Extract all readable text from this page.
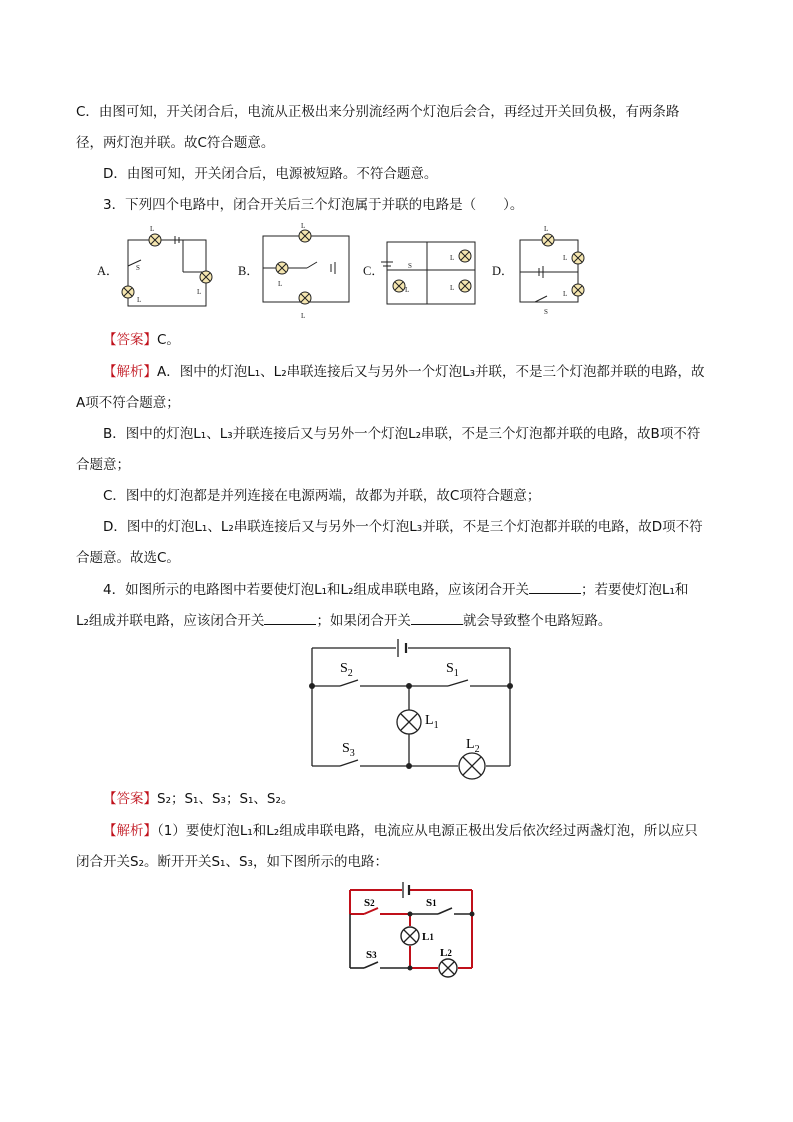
C．由图可知，开关闭合后，电流从正极出来分别流经两个灯泡后会合，再经过开关回负极，有两条路

径，两灯泡并联。故C符合题意。

D．由图可知，开关闭合后，电源被短路。不符合题意。

3．下列四个电路中，闭合开关后三个灯泡属于并联的电路是（　　）。

A．
L
S
L
L
B．
L
L
L
C．	S
L
L
L
D．
L
L
L
S

【答案】C。

【解析】A．图中的灯泡L₁、L₂串联连接后又与另外一个灯泡L₃并联，不是三个灯泡都并联的电路，故

A项不符合题意；

B．图中的灯泡L₁、L₃并联连接后又与另外一个灯泡L₂串联，不是三个灯泡都并联的电路，故B项不符

合题意；

C．图中的灯泡都是并列连接在电源两端，故都为并联，故C项符合题意；

D．图中的灯泡L₁、L₂串联连接后又与另外一个灯泡L₃并联，不是三个灯泡都并联的电路，故D项不符

合题意。故选C。

4．如图所示的电路图中若要使灯泡L₁和L₂组成串联电路，应该闭合开关	；若要使灯泡L₁和

L₂组成并联电路，应该闭合开关	；如果闭合开关	就会导致整个电路短路。

$S_2$	$S_1$
$L_1$
$S_3$
$L_2$

【答案】S₂；S₁、S₃；S₁、S₂。

【解析】（1）要使灯泡L₁和L₂组成串联电路，电流应从电源正极出发后依次经过两盏灯泡，所以应只

闭合开关S₂。断开开关S₁、S₃，如下图所示的电路：

S2	S1
L1
S3	L2
